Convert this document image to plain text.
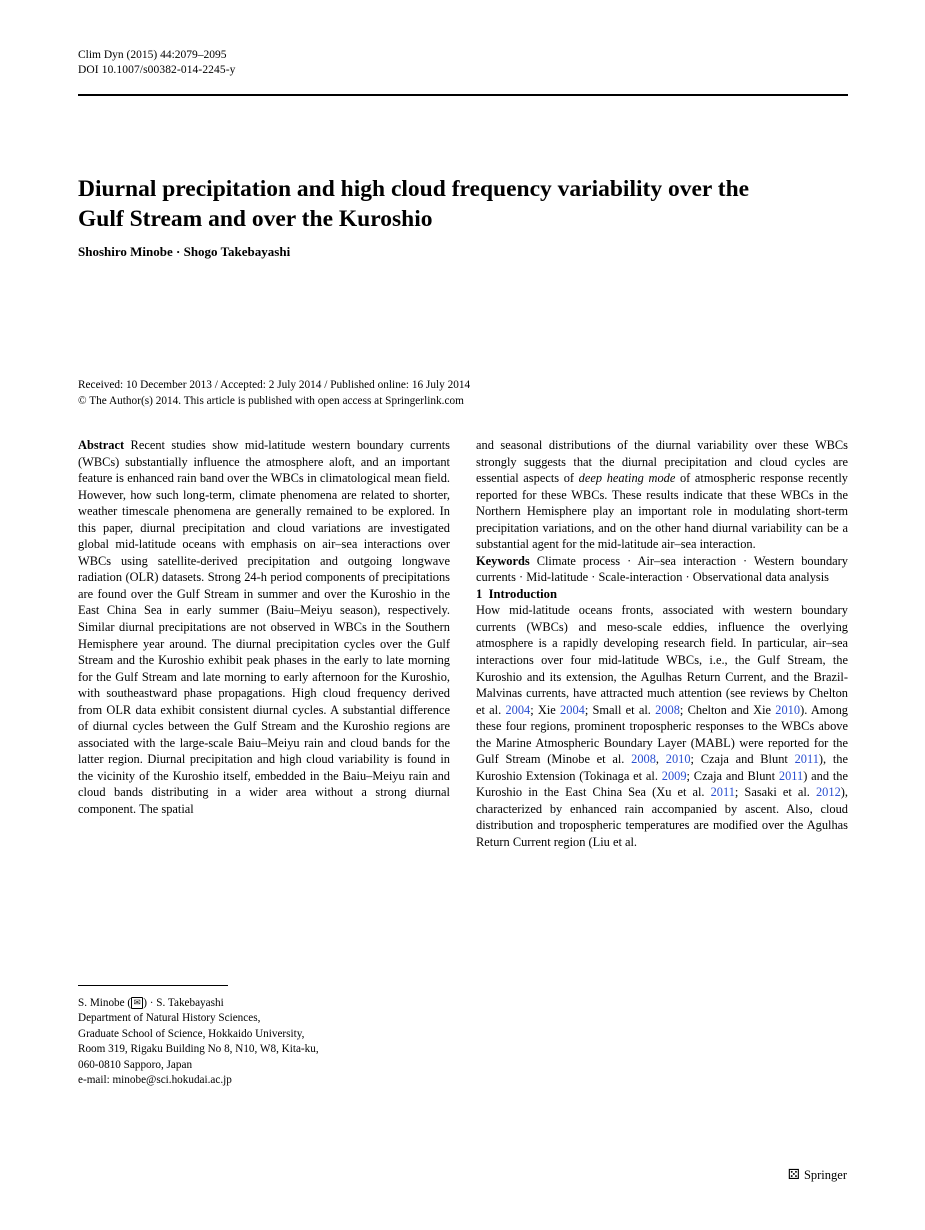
Clim Dyn (2015) 44:2079–2095
DOI 10.1007/s00382-014-2245-y
Diurnal precipitation and high cloud frequency variability over the Gulf Stream and over the Kuroshio
Shoshiro Minobe · Shogo Takebayashi
Received: 10 December 2013 / Accepted: 2 July 2014 / Published online: 16 July 2014
© The Author(s) 2014. This article is published with open access at Springerlink.com

Abstract Recent studies show mid-latitude western boundary currents (WBCs) substantially influence the atmosphere aloft, and an important feature is enhanced rain band over the WBCs in climatological mean field. However, how such long-term, climate phenomena are related to shorter, weather timescale phenomena are generally remained to be explored. In this paper, diurnal precipitation and cloud variations are investigated global mid-latitude oceans with emphasis on air–sea interactions over WBCs using satellite-derived precipitation and outgoing longwave radiation (OLR) datasets. Strong 24-h period components of precipitations are found over the Gulf Stream in summer and over the Kuroshio in the East China Sea in early summer (Baiu–Meiyu season), respectively. Similar diurnal precipitations are not observed in WBCs in the Southern Hemisphere year around. The diurnal precipitation cycles over the Gulf Stream and the Kuroshio exhibit peak phases in the early to late morning for the Gulf Stream and late morning to early afternoon for the Kuroshio, with southeastward phase propagations. High cloud frequency derived from OLR data exhibit consistent diurnal cycles. A substantial difference of diurnal cycles between the Gulf Stream and the Kuroshio regions are associated with the large-scale Baiu–Meiyu rain and cloud bands for the latter region. Diurnal precipitation and high cloud variability is found in the vicinity of the Kuroshio itself, embedded in the Baiu–Meiyu rain and cloud bands distributing in a wider area without a strong diurnal component. The spatial

and seasonal distributions of the diurnal variability over these WBCs strongly suggests that the diurnal precipitation and cloud cycles are essential aspects of deep heating mode of atmospheric response recently reported for these WBCs. These results indicate that these WBCs in the Northern Hemisphere play an important role in modulating short-term precipitation variations, and on the other hand diurnal variability can be a substantial agent for the mid-latitude air–sea interaction.

Keywords Climate process · Air–sea interaction · Western boundary currents · Mid-latitude · Scale-interaction · Observational data analysis

1 Introduction

How mid-latitude oceans fronts, associated with western boundary currents (WBCs) and meso-scale eddies, influence the overlying atmosphere is a rapidly developing research field. In particular, air–sea interactions over four mid-latitude WBCs, i.e., the Gulf Stream, the Kuroshio and its extension, the Agulhas Return Current, and the Brazil-Malvinas currents, have attracted much attention (see reviews by Chelton et al. 2004; Xie 2004; Small et al. 2008; Chelton and Xie 2010). Among these four regions, prominent tropospheric responses to the WBCs above the Marine Atmospheric Boundary Layer (MABL) were reported for the Gulf Stream (Minobe et al. 2008, 2010; Czaja and Blunt 2011), the Kuroshio Extension (Tokinaga et al. 2009; Czaja and Blunt 2011) and the Kuroshio in the East China Sea (Xu et al. 2011; Sasaki et al. 2012), characterized by enhanced rain accompanied by ascent. Also, cloud distribution and tropospheric temperatures are modified over the Agulhas Return Current region (Liu et al.

S. Minobe ( ✉ ) · S. Takebayashi
Department of Natural History Sciences,
Graduate School of Science, Hokkaido University,
Room 319, Rigaku Building No 8, N10, W8, Kita-ku,
060-0810 Sapporo, Japan
e-mail: minobe@sci.hokudai.ac.jp
⚄ Springer
